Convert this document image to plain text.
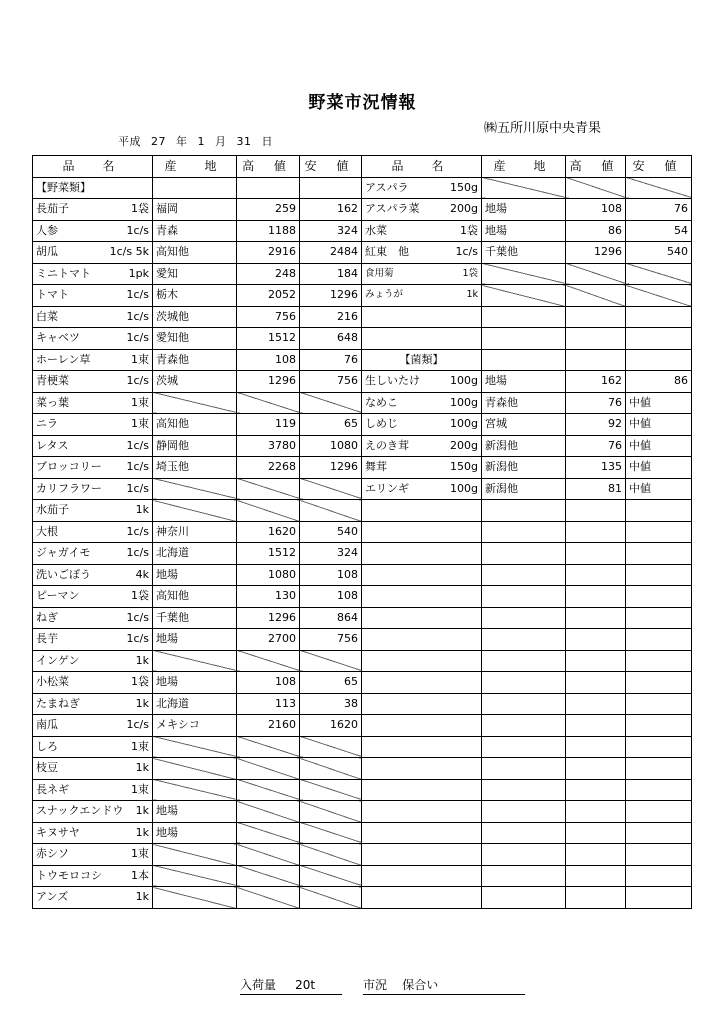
野菜市況情報
㈱五所川原中央青果
平成 27 年 1 月 31 日
品　名	産　地	高 値	安 値	品　名	産　地	高 値	安 値
【野菜類】				アスパラ 150g			

長茄子 1袋	福岡	259	162	アスパラ菜 200g	地場	108	76

人参 1c/s	青森	1188	324	水菜 1袋	地場	86	54

胡瓜 1c/s 5k	高知他	2916	2484	紅東　他 1c/s	千葉他	1296	540

ミニトマト 1pk	愛知	248	184	食用菊 1袋			

トマト 1c/s	栃木	2052	1296	みょうが 1k			

白菜 1c/s	茨城他	756	216				

キャベツ 1c/s	愛知他	1512	648				

ホーレン草 1束	青森他	108	76	【菌類】			

青梗菜 1c/s	茨城	1296	756	生しいたけ 100g	地場	162	86

菜っ葉 1束				なめこ 100g	青森他	76	中値

ニラ 1束	高知他	119	65	しめじ 100g	宮城	92	中値

レタス 1c/s	静岡他	3780	1080	えのき茸 200g	新潟他	76	中値

ブロッコリー 1c/s	埼玉他	2268	1296	舞茸 150g	新潟他	135	中値

カリフラワー 1c/s				エリンギ 100g	新潟他	81	中値

水茄子 1k							

大根 1c/s	神奈川	1620	540				

ジャガイモ 1c/s	北海道	1512	324				

洗いごぼう 4k	地場	1080	108				

ピーマン 1袋	高知他	130	108				

ねぎ 1c/s	千葉他	1296	864				

長芋 1c/s	地場	2700	756				

インゲン 1k							

小松菜 1袋	地場	108	65				

たまねぎ 1k	北海道	113	38				

南瓜 1c/s	メキシコ	2160	1620				

しろ 1束							

枝豆 1k							

長ネギ 1束							

スナックエンドウ 1k	地場						

キヌサヤ 1k	地場						

赤シソ 1束							

トウモロコシ 1本							

アンズ 1k							

入荷量 20t	市況 保合い
